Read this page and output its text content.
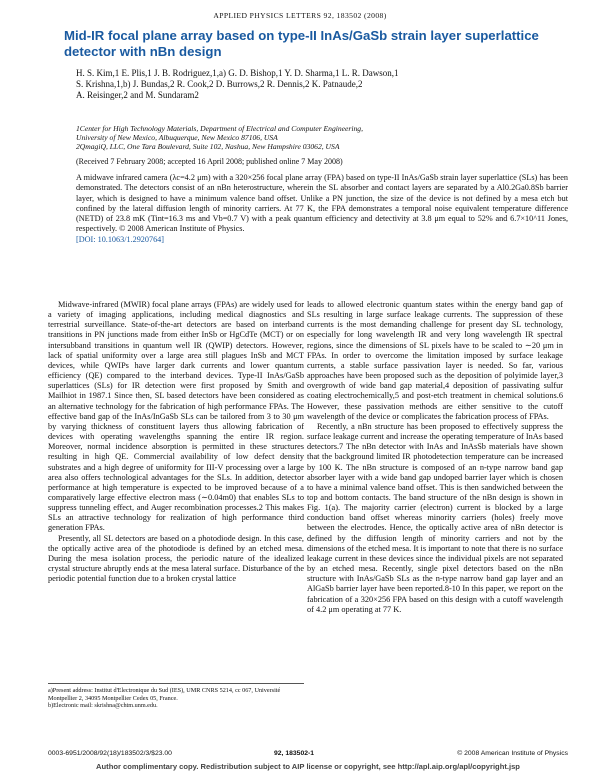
APPLIED PHYSICS LETTERS 92, 183502 (2008)
Mid-IR focal plane array based on type-II InAs/GaSb strain layer superlattice detector with nBn design
H. S. Kim,1 E. Plis,1 J. B. Rodriguez,1,a) G. D. Bishop,1 Y. D. Sharma,1 L. R. Dawson,1
S. Krishna,1,b) J. Bundas,2 R. Cook,2 D. Burrows,2 R. Dennis,2 K. Patnaude,2
A. Reisinger,2 and M. Sundaram2
1Center for High Technology Materials, Department of Electrical and Computer Engineering,
University of New Mexico, Albuquerque, New Mexico 87106, USA
2QmagiQ, LLC, One Tara Boulevard, Suite 102, Nashua, New Hampshire 03062, USA
(Received 7 February 2008; accepted 16 April 2008; published online 7 May 2008)
A midwave infrared camera (λc=4.2 μm) with a 320×256 focal plane array (FPA) based on type-II InAs/GaSb strain layer superlattice (SLs) has been demonstrated. The detectors consist of an nBn heterostructure, wherein the SL absorber and contact layers are separated by a Al0.2Ga0.8Sb barrier layer, which is designed to have a minimum valence band offset. Unlike a PN junction, the size of the device is not defined by a mesa etch but confined by the lateral diffusion length of minority carriers. At 77 K, the FPA demonstrates a temporal noise equivalent temperature difference (NETD) of 23.8 mK (Tint=16.3 ms and Vb=0.7 V) with a peak quantum efficiency and detectivity at 3.8 μm equal to 52% and 6.7×10^11 Jones, respectively. © 2008 American Institute of Physics.
[DOI: 10.1063/1.2920764]

Midwave-infrared (MWIR) focal plane arrays (FPAs) are widely used for a variety of imaging applications, including medical diagnostics and terrestrial surveillance. State-of-the-art detectors are based on interband transitions in PN junctions made from either InSb or HgCdTe (MCT) or on intersubband transitions in quantum well IR (QWIP) detectors. However, lack of spatial uniformity over a large area still plagues InSb and MCT devices, while QWIPs have larger dark currents and lower quantum efficiency (QE) compared to the interband devices. Type-II InAs/GaSb superlattices (SLs) for IR detection were first proposed by Smith and Mailhiot in 1987.1 Since then, SL based detectors have been considered as an alternative technology for the fabrication of high performance FPAs. The effective band gap of the InAs/InGaSb SLs can be tailored from 3 to 30 μm by varying thickness of constituent layers thus allowing fabrication of devices with operating wavelengths spanning the entire IR region. Moreover, normal incidence absorption is permitted in these structures resulting in high QE. Commercial availability of low defect density substrates and a high degree of uniformity for III-V processing over a large area also offers technological advantages for the SLs. In addition, detector performance at high temperature is expected to be improved because of a comparatively large effective electron mass (∼0.04m0) that enables SLs to suppress tunneling effect, and Auger recombination processes.2 This makes SLs an attractive technology for realization of high performance third generation FPAs.

Presently, all SL detectors are based on a photodiode design. In this case, the optically active area of the photodiode is defined by an etched mesa. During the mesa isolation process, the periodic nature of the idealized crystal structure abruptly ends at the mesa lateral surface. Disturbance of the periodic potential function due to a broken crystal lattice

leads to allowed electronic quantum states within the energy band gap of SLs resulting in large surface leakage currents. The suppression of these currents is the most demanding challenge for present day SL technology, especially for long wavelength IR and very long wavelength IR spectral regions, since the dimensions of SL pixels have to be scaled to ∼20 μm in FPAs. In order to overcome the limitation imposed by surface leakage currents, a stable surface passivation layer is needed. So far, various approaches have been proposed such as the deposition of polyimide layer,3 overgrowth of wide band gap material,4 deposition of passivating sulfur coating electrochemically,5 and post-etch treatment in chemical solutions.6 However, these passivation methods are either sensitive to the cutoff wavelength of the device or complicates the fabrication process of FPAs.

Recently, a nBn structure has been proposed to effectively suppress the surface leakage current and increase the operating temperature of InAs based detectors.7 The nBn detector with InAs and InAsSb materials have shown that the background limited IR photodetection temperature can be increased by 100 K. The nBn structure is composed of an n-type narrow band gap absorber layer with a wide band gap undoped barrier layer which is chosen to have a minimal valence band offset. This is then sandwiched between the top and bottom contacts. The band structure of the nBn design is shown in Fig. 1(a). The majority carrier (electron) current is blocked by a large conduction band offset whereas minority carriers (holes) freely move between the electrodes. Hence, the optically active area of nBn detector is defined by the diffusion length of minority carriers and not by the dimensions of the etched mesa. It is important to note that there is no surface leakage current in these devices since the individual pixels are not separated by an etched mesa. Recently, single pixel detectors based on the nBn structure with InAs/GaSb SLs as the n-type narrow band gap layer and an AlGaSb barrier layer have been reported.8-10 In this paper, we report on the fabrication of a 320×256 FPA based on this design with a cutoff wavelength of 4.2 μm operating at 77 K.

a)Present address: Institut d'Electronique du Sud (IES), UMR CNRS 5214, cc 067, Université Montpellier 2, 34095 Montpellier Cedex 05, France.
b)Electronic mail: skrishna@chtm.unm.edu.
0003-6951/2008/92(18)/183502/3/$23.00	92, 183502-1	© 2008 American Institute of Physics
Author complimentary copy. Redistribution subject to AIP license or copyright, see http://apl.aip.org/apl/copyright.jsp
